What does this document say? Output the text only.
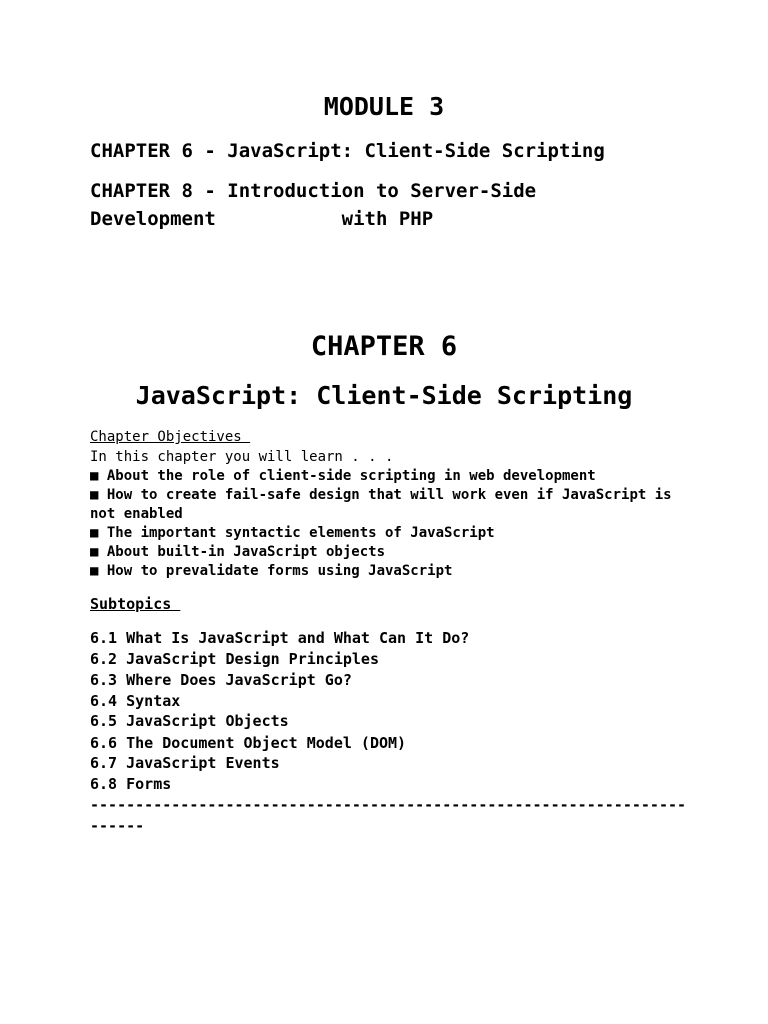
MODULE 3
CHAPTER 6 - JavaScript: Client-Side Scripting
CHAPTER 8 - Introduction to Server-Side
Development           with PHP
CHAPTER 6
JavaScript: Client-Side Scripting
Chapter Objectives
In this chapter you will learn . . .
■ About the role of client-side scripting in web development
■ How to create fail-safe design that will work even if JavaScript is
not enabled
■ The important syntactic elements of JavaScript
■ About built-in JavaScript objects
■ How to prevalidate forms using JavaScript
Subtopics
6.1 What Is JavaScript and What Can It Do?
6.2 JavaScript Design Principles
6.3 Where Does JavaScript Go?
6.4 Syntax
6.5 JavaScript Objects
6.6 The Document Object Model (DOM)
6.7 JavaScript Events
6.8 Forms
------------------------------------------------------------------
------
